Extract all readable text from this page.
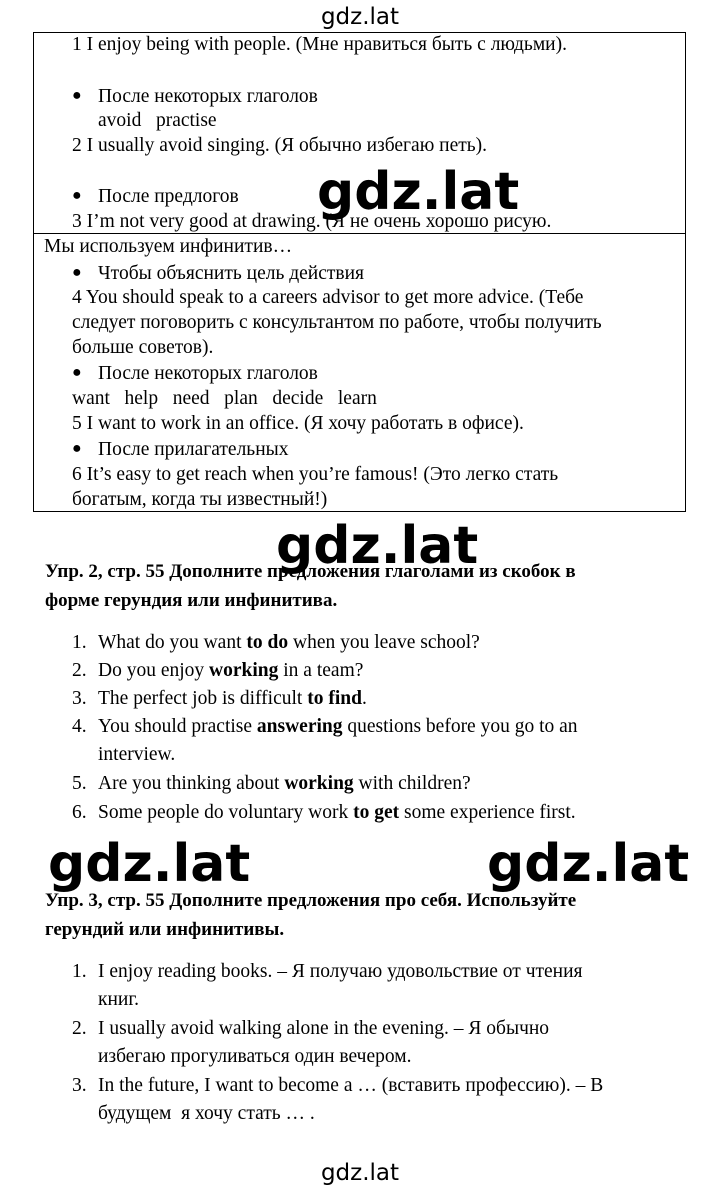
gdz.lat
gdz.lat
1 I enjoy being with people. (Мне нравиться быть с людьми).
● После некоторых глаголов
avoid   practise
2 I usually avoid singing. (Я обычно избегаю петь).
● После предлогов
3 I’m not very good at drawing. (Я не очень хорошо рисую.
Мы используем инфинитив…
● Чтобы объяснить цель действия
4 You should speak to a careers advisor to get more advice. (Тебе
следует поговорить с консультантом по работе, чтобы получить
больше советов).
● После некоторых глаголов
want   help   need   plan   decide   learn
5 I want to work in an office. (Я хочу работать в офисе).
● После прилагательных
6 It’s easy to get reach when you’re famous! (Это легко стать
богатым, когда ты известный!)
gdz.lat
gdz.lat
Упр. 2, стр. 55 Дополните предложения глаголами из скобок в
форме герундия или инфинитива.
1. What do you want to do when you leave school?
2. Do you enjoy working in a team?
3. The perfect job is difficult to find.
4. You should practise answering questions before you go to an
interview.
5. Are you thinking about working with children?
6. Some people do voluntary work to get some experience first.
gdz.lat	gdz.lat
Упр. 3, стр. 55 Дополните предложения про себя. Используйте
герундий или инфинитивы.
1. I enjoy reading books. – Я получаю удовольствие от чтения
книг.
2. I usually avoid walking alone in the evening. – Я обычно
избегаю прогуливаться один вечером.
3. In the future, I want to become a … (вставить профессию). – В
будущем  я хочу стать … .
